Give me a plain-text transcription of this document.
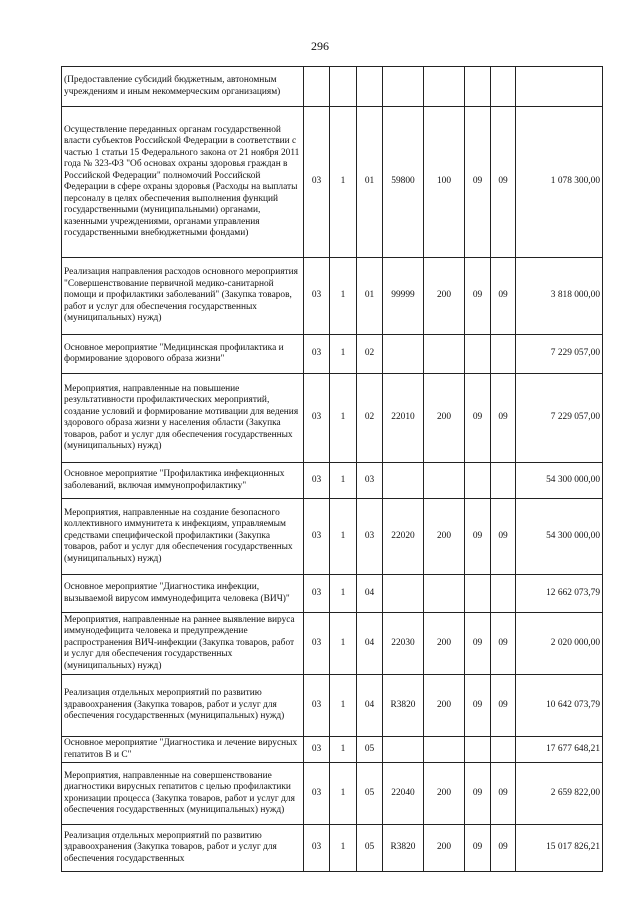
296
(Предоставление субсидий бюджетным, автономным учреждениям и иным некоммерческим организациям)								
Осуществление переданных органам государственной власти субъектов Российской Федерации в соответствии с частью 1 статьи 15 Федерального закона от 21 ноября 2011 года № 323-ФЗ "Об основах охраны здоровья граждан в Российской Федерации" полномочий Российской Федерации в сфере охраны здоровья (Расходы на выплаты персоналу в целях обеспечения выполнения функций государственными (муниципальными) органами, казенными учреждениями, органами управления государственными внебюджетными фондами)	03	1	01	59800	100	09	09	1 078 300,00
Реализация направления расходов основного мероприятия "Совершенствование первичной медико-санитарной помощи и профилактики заболеваний" (Закупка товаров, работ и услуг для обеспечения государственных (муниципальных) нужд)	03	1	01	99999	200	09	09	3 818 000,00
Основное мероприятие "Медицинская профилактика и формирование здорового образа жизни"	03	1	02					7 229 057,00
Мероприятия, направленные на повышение результативности профилактических мероприятий, создание условий и формирование мотивации для ведения здорового образа жизни у населения области (Закупка товаров, работ и услуг для обеспечения государственных (муниципальных) нужд)	03	1	02	22010	200	09	09	7 229 057,00
Основное мероприятие "Профилактика инфекционных заболеваний, включая иммунопрофилактику"	03	1	03					54 300 000,00
Мероприятия, направленные на создание безопасного коллективного иммунитета к инфекциям, управляемым средствами специфической профилактики (Закупка товаров, работ и услуг для обеспечения государственных (муниципальных) нужд)	03	1	03	22020	200	09	09	54 300 000,00
Основное мероприятие "Диагностика инфекции, вызываемой вирусом иммунодефицита человека (ВИЧ)"	03	1	04					12 662 073,79
Мероприятия, направленные на раннее выявление вируса иммунодефицита человека и предупреждение распространения ВИЧ-инфекции (Закупка товаров, работ и услуг для обеспечения государственных (муниципальных) нужд)	03	1	04	22030	200	09	09	2 020 000,00
Реализация отдельных мероприятий по развитию здравоохранения (Закупка товаров, работ и услуг для обеспечения государственных (муниципальных) нужд)	03	1	04	R3820	200	09	09	10 642 073,79
Основное мероприятие "Диагностика и лечение вирусных гепатитов В и С"	03	1	05					17 677 648,21
Мероприятия, направленные на совершенствование диагностики вирусных гепатитов с целью профилактики хронизации процесса (Закупка товаров, работ и услуг для обеспечения государственных (муниципальных) нужд)	03	1	05	22040	200	09	09	2 659 822,00
Реализация отдельных мероприятий по развитию здравоохранения (Закупка товаров, работ и услуг для обеспечения государственных	03	1	05	R3820	200	09	09	15 017 826,21
